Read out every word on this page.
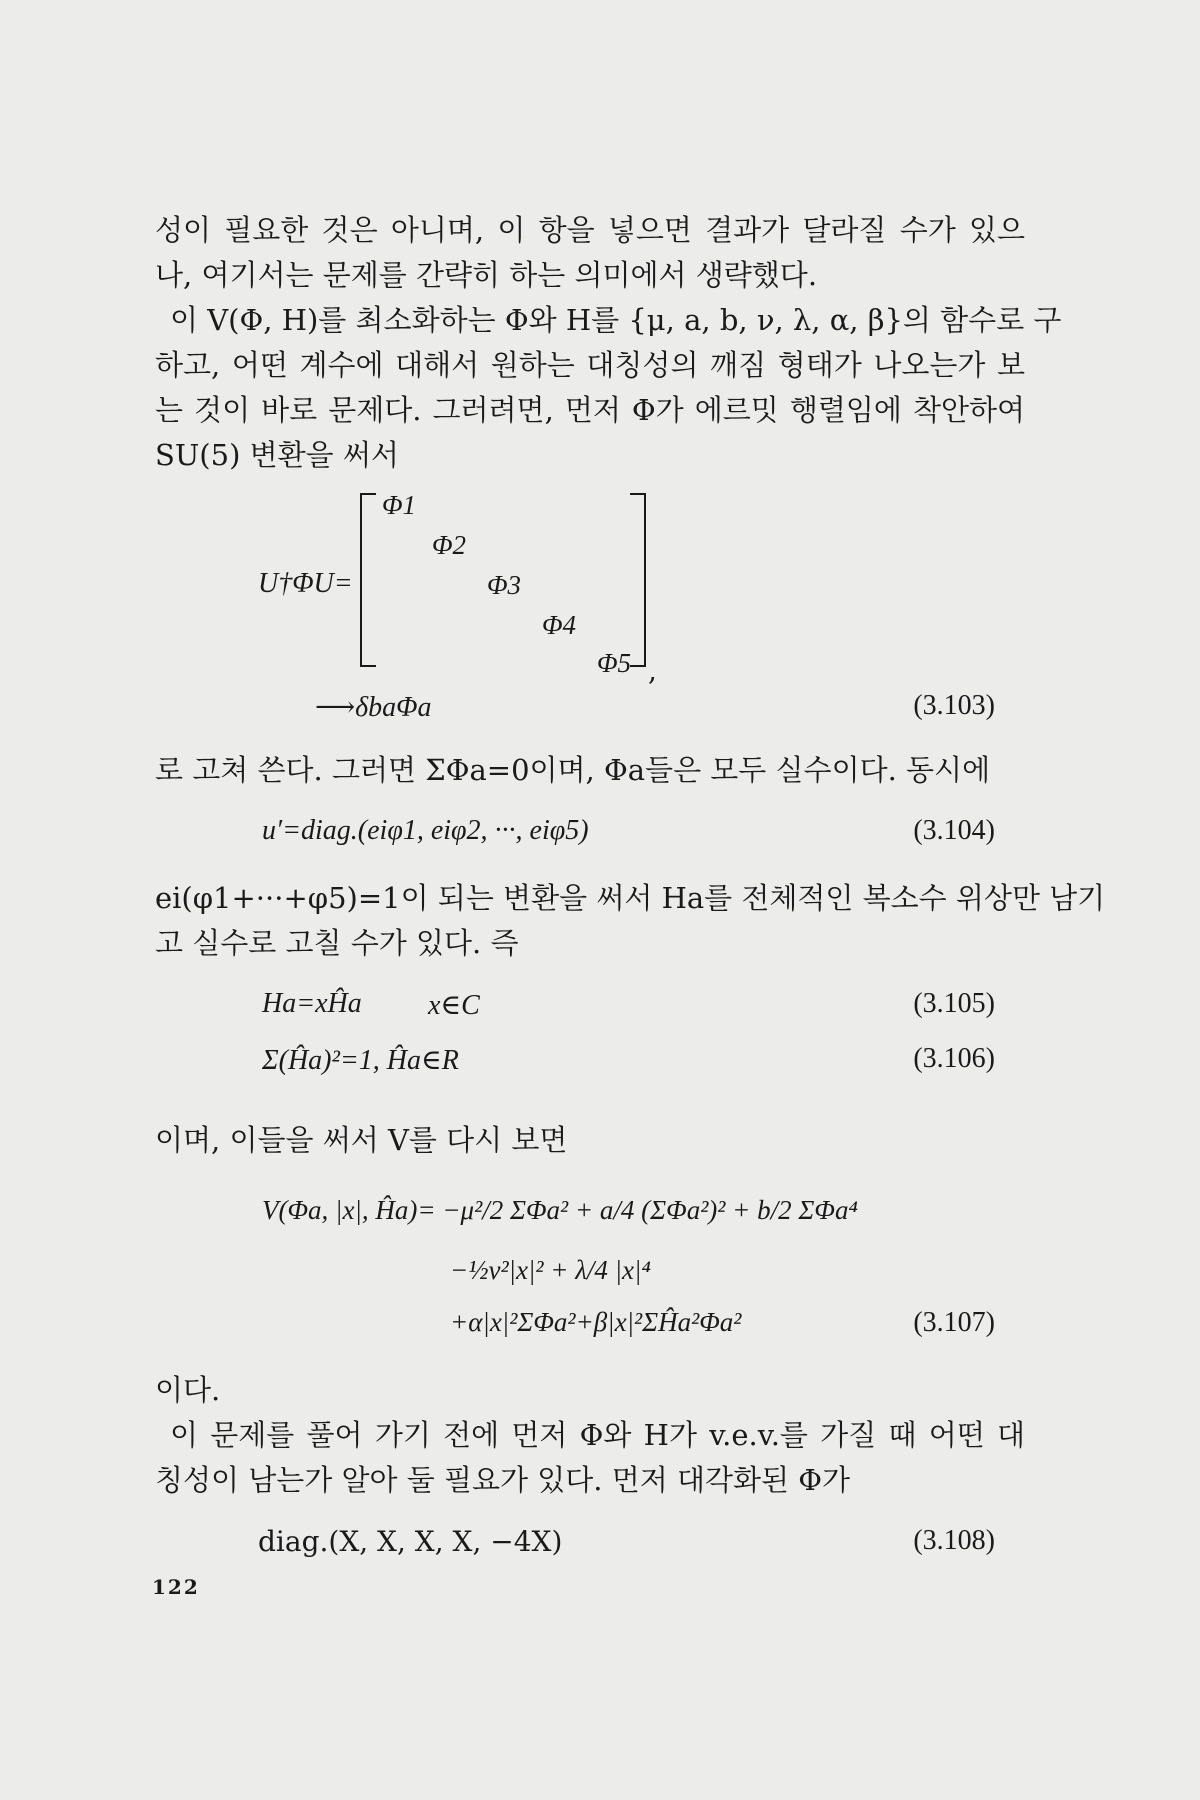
성이 필요한 것은 아니며, 이 항을 넣으면 결과가 달라질 수가 있으
나, 여기서는 문제를 간략히 하는 의미에서 생략했다.
이 V(Φ, H)를 최소화하는 Φ와 H를 {μ, a, b, ν, λ, α, β}의 함수로 구
하고, 어떤 계수에 대해서 원하는 대칭성의 깨짐 형태가 나오는가 보
는 것이 바로 문제다. 그러려면, 먼저 Φ가 에르밋 행렬임에 착안하여
SU(5) 변환을 써서
U†ΦU=
Φ1
Φ2
Φ3
Φ4
Φ5 ,
⟶δbaΦa	(3.103)
로 고쳐 쓴다. 그러면 ΣΦa=0이며, Φa들은 모두 실수이다. 동시에
u′=diag.(eiφ1, eiφ2, ···, eiφ5)	(3.104)
ei(φ1+···+φ5)=1이 되는 변환을 써서 Ha를 전체적인 복소수 위상만 남기
고 실수로 고칠 수가 있다. 즉
Ha=xĤa x∈C	(3.105)
Σ(Ĥa)²=1, Ĥa∈R	(3.106)
이며, 이들을 써서 V를 다시 보면
V(Φa, |x|, Ĥa)= −μ²/2 ΣΦa² + a/4 (ΣΦa²)² + b/2 ΣΦa⁴
−½ν²|x|² + λ/4 |x|⁴
+α|x|²ΣΦa²+β|x|²ΣĤa²Φa²	(3.107)
이다.
이 문제를 풀어 가기 전에 먼저 Φ와 H가 v.e.v.를 가질 때 어떤 대
칭성이 남는가 알아 둘 필요가 있다. 먼저 대각화된 Φ가
diag.(X, X, X, X, −4X)	(3.108)
122
